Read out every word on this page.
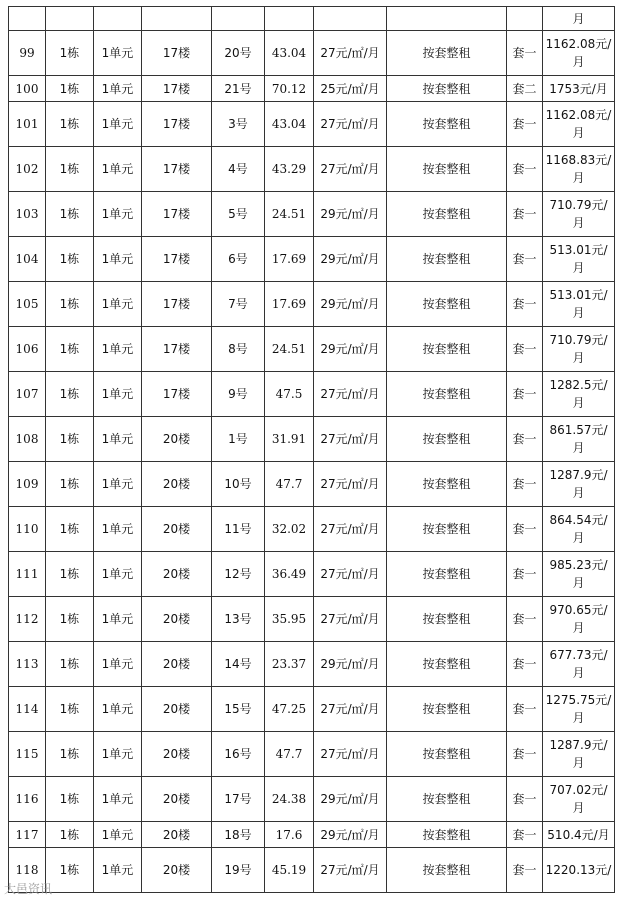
									月
99	1栋	1单元	17楼	20号	43.04	27元/㎡/月	按套整租	套一	1162.08元/月
100	1栋	1单元	17楼	21号	70.12	25元/㎡/月	按套整租	套二	1753元/月
101	1栋	1单元	17楼	3号	43.04	27元/㎡/月	按套整租	套一	1162.08元/月
102	1栋	1单元	17楼	4号	43.29	27元/㎡/月	按套整租	套一	1168.83元/月
103	1栋	1单元	17楼	5号	24.51	29元/㎡/月	按套整租	套一	710.79元/月
104	1栋	1单元	17楼	6号	17.69	29元/㎡/月	按套整租	套一	513.01元/月
105	1栋	1单元	17楼	7号	17.69	29元/㎡/月	按套整租	套一	513.01元/月
106	1栋	1单元	17楼	8号	24.51	29元/㎡/月	按套整租	套一	710.79元/月
107	1栋	1单元	17楼	9号	47.5	27元/㎡/月	按套整租	套一	1282.5元/月
108	1栋	1单元	20楼	1号	31.91	27元/㎡/月	按套整租	套一	861.57元/月
109	1栋	1单元	20楼	10号	47.7	27元/㎡/月	按套整租	套一	1287.9元/月
110	1栋	1单元	20楼	11号	32.02	27元/㎡/月	按套整租	套一	864.54元/月
111	1栋	1单元	20楼	12号	36.49	27元/㎡/月	按套整租	套一	985.23元/月
112	1栋	1单元	20楼	13号	35.95	27元/㎡/月	按套整租	套一	970.65元/月
113	1栋	1单元	20楼	14号	23.37	29元/㎡/月	按套整租	套一	677.73元/月
114	1栋	1单元	20楼	15号	47.25	27元/㎡/月	按套整租	套一	1275.75元/月
115	1栋	1单元	20楼	16号	47.7	27元/㎡/月	按套整租	套一	1287.9元/月
116	1栋	1单元	20楼	17号	24.38	29元/㎡/月	按套整租	套一	707.02元/月
117	1栋	1单元	20楼	18号	17.6	29元/㎡/月	按套整租	套一	510.4元/月
118	1栋	1单元	20楼	19号	45.19	27元/㎡/月	按套整租	套一	1220.13元/
大邑资讯
